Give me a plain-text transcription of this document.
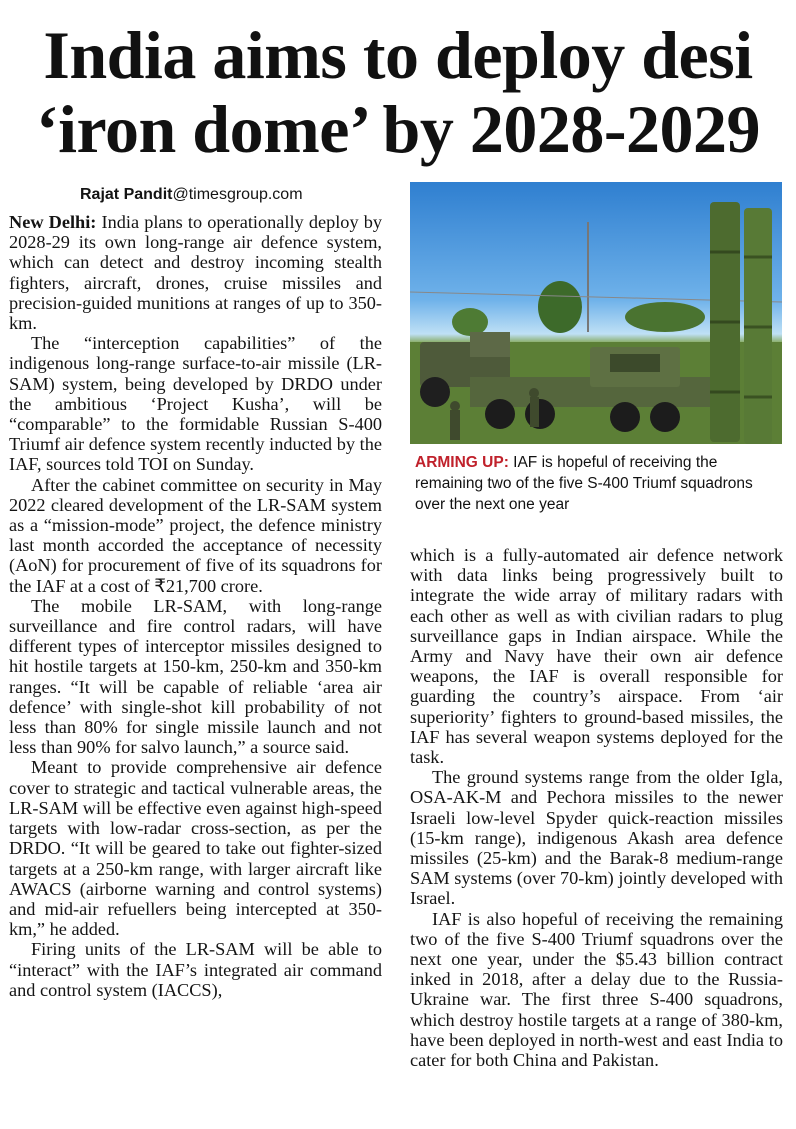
India aims to deploy desi
‘iron dome’ by 2028-2029
Rajat Pandit@timesgroup.com
ARMING UP: IAF is hopeful of receiving the remaining two of the five S-400 Triumf squadrons over the next one year

New Delhi: India plans to operationally deploy by 2028-29 its own long-range air defence system, which can detect and destroy incoming stealth fighters, aircraft, drones, cruise missiles and precision-guided munitions at ranges of up to 350-km.

The “interception capabilities” of the indigenous long-range surface-to-air missile (LR-SAM) system, being developed by DRDO under the ambitious ‘Project Kusha’, will be “comparable” to the formidable Russian S-400 Triumf air defence system recently inducted by the IAF, sources told TOI on Sunday.

After the cabinet committee on security in May 2022 cleared development of the LR-SAM system as a “mission-mode” project, the defence ministry last month accorded the acceptance of necessity (AoN) for procurement of five of its squadrons for the IAF at a cost of ₹21,700 crore.

The mobile LR-SAM, with long-range surveillance and fire control radars, will have different types of interceptor missiles designed to hit hostile targets at 150-km, 250-km and 350-km ranges. “It will be capable of reliable ‘area air defence’ with single-shot kill probability of not less than 80% for single missile launch and not less than 90% for salvo launch,” a source said.

Meant to provide comprehensive air defence cover to strategic and tactical vulnerable areas, the LR-SAM will be effective even against high-speed targets with low-radar cross-section, as per the DRDO. “It will be geared to take out fighter-sized targets at a 250-km range, with larger aircraft like AWACS (airborne warning and control systems) and mid-air refuellers being intercepted at 350-km,” he added.

Firing units of the LR-SAM will be able to “interact” with the IAF’s integrated air command and control system (IACCS),

which is a fully-automated air defence network with data links being progressively built to integrate the wide array of military radars with each other as well as with civilian radars to plug surveillance gaps in Indian airspace. While the Army and Navy have their own air defence weapons, the IAF is overall responsible for guarding the country’s airspace. From ‘air superiority’ fighters to ground-based missiles, the IAF has several weapon systems deployed for the task.

The ground systems range from the older Igla, OSA-AK-M and Pechora missiles to the newer Israeli low-level Spyder quick-reaction missiles (15-km range), indigenous Akash area defence missiles (25-km) and the Barak-8 medium-range SAM systems (over 70-km) jointly developed with Israel.

IAF is also hopeful of receiving the remaining two of the five S-400 Triumf squadrons over the next one year, under the $5.43 billion contract inked in 2018, after a delay due to the Russia-Ukraine war. The first three S-400 squadrons, which destroy hostile targets at a range of 380-km, have been deployed in north-west and east India to cater for both China and Pakistan.
